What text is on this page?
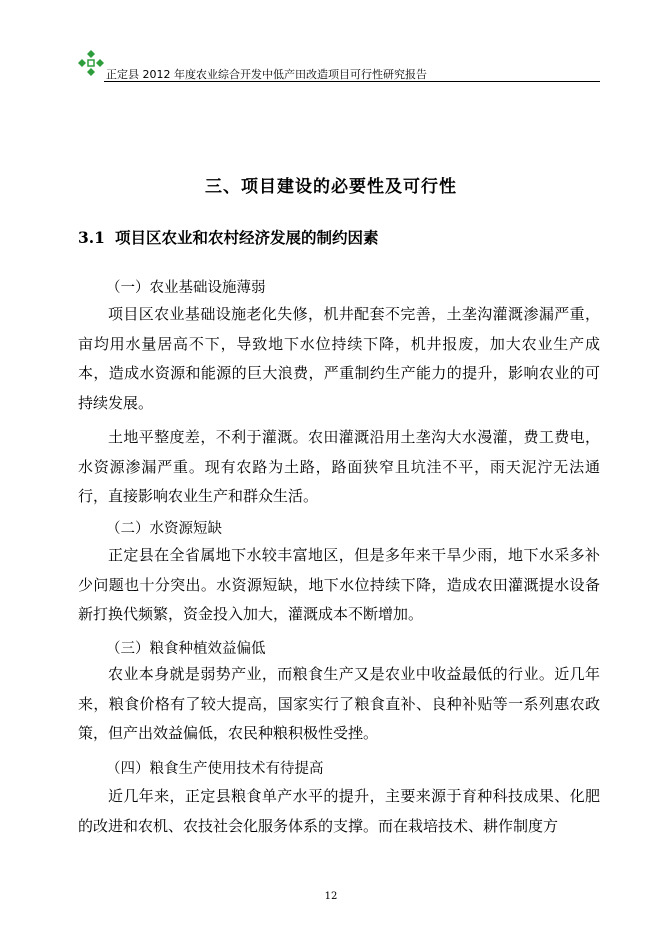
正定县 2012 年度农业综合开发中低产田改造项目可行性研究报告
三、项目建设的必要性及可行性
3.1 项目区农业和农村经济发展的制约因素
（一）农业基础设施薄弱
项目区农业基础设施老化失修，机井配套不完善，土垄沟灌溉渗漏严重，亩均用水量居高不下，导致地下水位持续下降，机井报废，加大农业生产成本，造成水资源和能源的巨大浪费，严重制约生产能力的提升，影响农业的可持续发展。
土地平整度差，不利于灌溉。农田灌溉沿用土垄沟大水漫灌，费工费电，水资源渗漏严重。现有农路为土路，路面狭窄且坑洼不平，雨天泥泞无法通行，直接影响农业生产和群众生活。
（二）水资源短缺
正定县在全省属地下水较丰富地区，但是多年来干旱少雨，地下水采多补少问题也十分突出。水资源短缺，地下水位持续下降，造成农田灌溉提水设备新打换代频繁，资金投入加大，灌溉成本不断增加。
（三）粮食种植效益偏低
农业本身就是弱势产业，而粮食生产又是农业中收益最低的行业。近几年来，粮食价格有了较大提高，国家实行了粮食直补、良种补贴等一系列惠农政策，但产出效益偏低，农民种粮积极性受挫。
（四）粮食生产使用技术有待提高
近几年来，正定县粮食单产水平的提升，主要来源于育种科技成果、化肥的改进和农机、农技社会化服务体系的支撑。而在栽培技术、耕作制度方
12
